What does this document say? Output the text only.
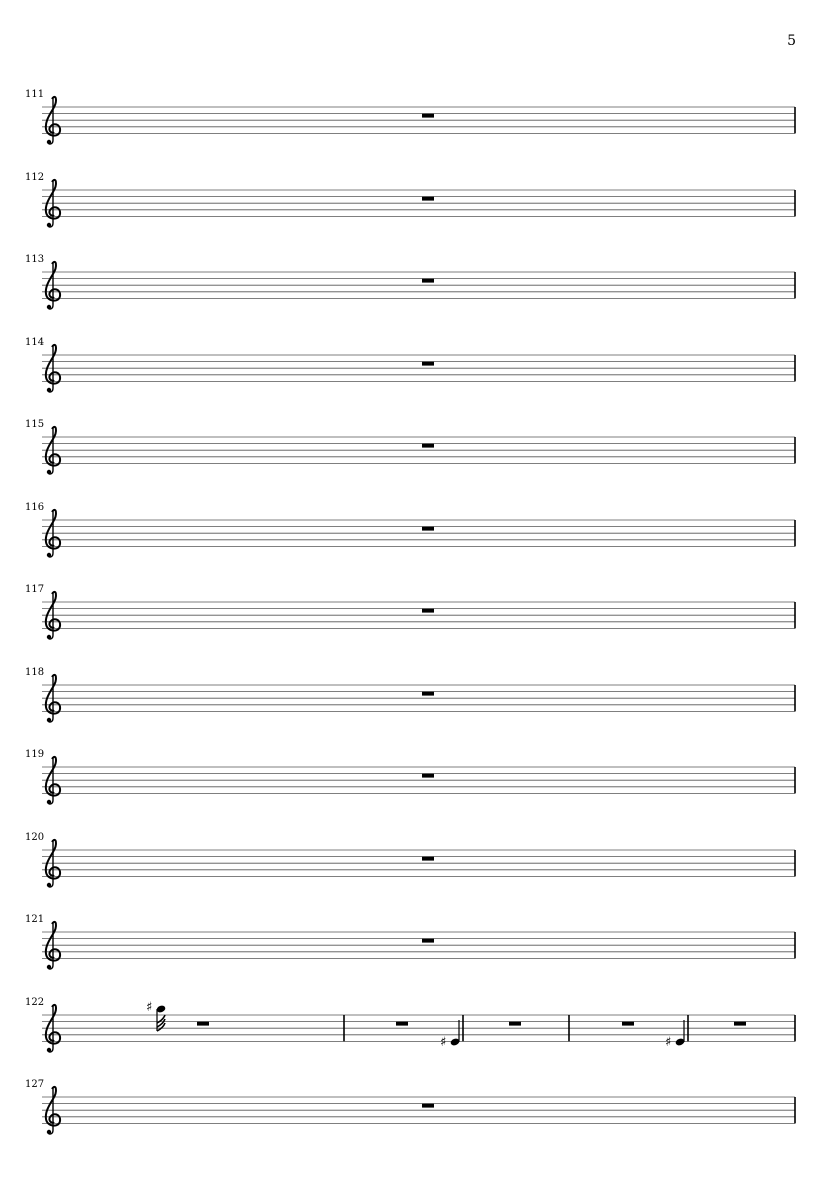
5
111
112
113
114
115
116
117
118
119
120
121
122	♯
♯	♯
127
